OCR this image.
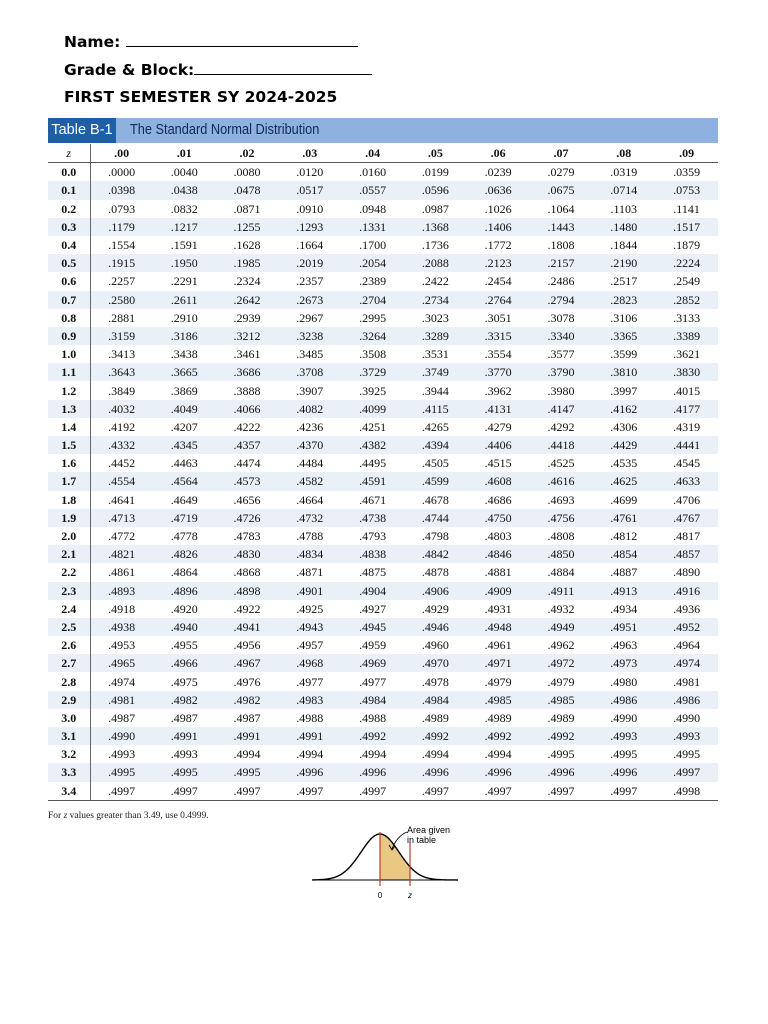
Name:
Grade & Block:
FIRST SEMESTER SY 2024-2025
Table B-1 The Standard Normal Distribution
z	.00	.01	.02	.03	.04	.05	.06	.07	.08	.09
0.0	.0000	.0040	.0080	.0120	.0160	.0199	.0239	.0279	.0319	.0359
0.1	.0398	.0438	.0478	.0517	.0557	.0596	.0636	.0675	.0714	.0753
0.2	.0793	.0832	.0871	.0910	.0948	.0987	.1026	.1064	.1103	.1141
0.3	.1179	.1217	.1255	.1293	.1331	.1368	.1406	.1443	.1480	.1517
0.4	.1554	.1591	.1628	.1664	.1700	.1736	.1772	.1808	.1844	.1879
0.5	.1915	.1950	.1985	.2019	.2054	.2088	.2123	.2157	.2190	.2224
0.6	.2257	.2291	.2324	.2357	.2389	.2422	.2454	.2486	.2517	.2549
0.7	.2580	.2611	.2642	.2673	.2704	.2734	.2764	.2794	.2823	.2852
0.8	.2881	.2910	.2939	.2967	.2995	.3023	.3051	.3078	.3106	.3133
0.9	.3159	.3186	.3212	.3238	.3264	.3289	.3315	.3340	.3365	.3389
1.0	.3413	.3438	.3461	.3485	.3508	.3531	.3554	.3577	.3599	.3621
1.1	.3643	.3665	.3686	.3708	.3729	.3749	.3770	.3790	.3810	.3830
1.2	.3849	.3869	.3888	.3907	.3925	.3944	.3962	.3980	.3997	.4015
1.3	.4032	.4049	.4066	.4082	.4099	.4115	.4131	.4147	.4162	.4177
1.4	.4192	.4207	.4222	.4236	.4251	.4265	.4279	.4292	.4306	.4319
1.5	.4332	.4345	.4357	.4370	.4382	.4394	.4406	.4418	.4429	.4441
1.6	.4452	.4463	.4474	.4484	.4495	.4505	.4515	.4525	.4535	.4545
1.7	.4554	.4564	.4573	.4582	.4591	.4599	.4608	.4616	.4625	.4633
1.8	.4641	.4649	.4656	.4664	.4671	.4678	.4686	.4693	.4699	.4706
1.9	.4713	.4719	.4726	.4732	.4738	.4744	.4750	.4756	.4761	.4767
2.0	.4772	.4778	.4783	.4788	.4793	.4798	.4803	.4808	.4812	.4817
2.1	.4821	.4826	.4830	.4834	.4838	.4842	.4846	.4850	.4854	.4857
2.2	.4861	.4864	.4868	.4871	.4875	.4878	.4881	.4884	.4887	.4890
2.3	.4893	.4896	.4898	.4901	.4904	.4906	.4909	.4911	.4913	.4916
2.4	.4918	.4920	.4922	.4925	.4927	.4929	.4931	.4932	.4934	.4936
2.5	.4938	.4940	.4941	.4943	.4945	.4946	.4948	.4949	.4951	.4952
2.6	.4953	.4955	.4956	.4957	.4959	.4960	.4961	.4962	.4963	.4964
2.7	.4965	.4966	.4967	.4968	.4969	.4970	.4971	.4972	.4973	.4974
2.8	.4974	.4975	.4976	.4977	.4977	.4978	.4979	.4979	.4980	.4981
2.9	.4981	.4982	.4982	.4983	.4984	.4984	.4985	.4985	.4986	.4986
3.0	.4987	.4987	.4987	.4988	.4988	.4989	.4989	.4989	.4990	.4990
3.1	.4990	.4991	.4991	.4991	.4992	.4992	.4992	.4992	.4993	.4993
3.2	.4993	.4993	.4994	.4994	.4994	.4994	.4994	.4995	.4995	.4995
3.3	.4995	.4995	.4995	.4996	.4996	.4996	.4996	.4996	.4996	.4997
3.4	.4997	.4997	.4997	.4997	.4997	.4997	.4997	.4997	.4997	.4998
For z values greater than 3.49, use 0.4999.
Area given
in table
0	z
